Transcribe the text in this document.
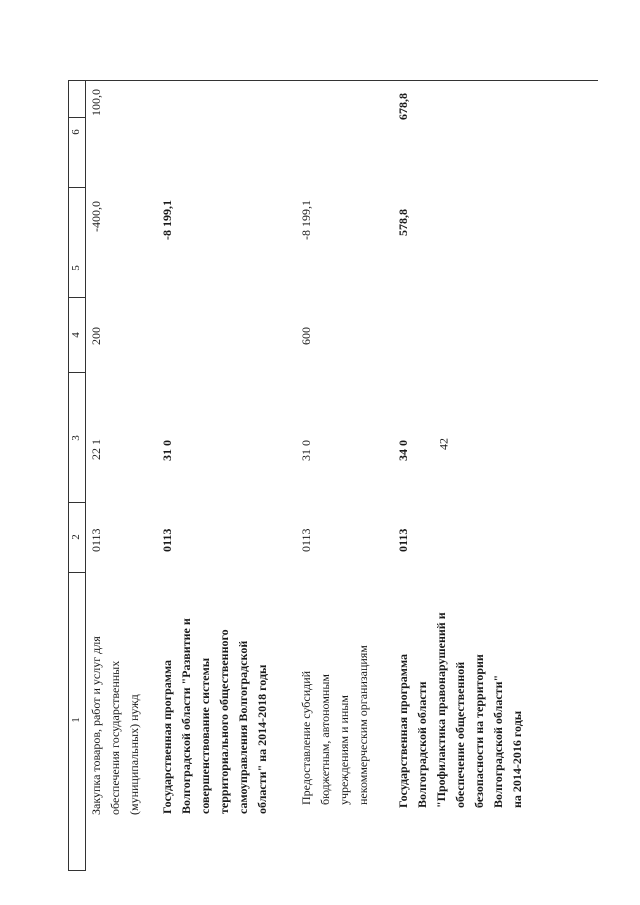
42
6
5
4
3
2
1 Закупка товаров, работ и услуг для обеспечения государственных (муниципальных) нужд
0113
22 1
200
-400,0
100,0
Государственная программа Волгоградской области "Развитие и совершенствование системы территориального общественного самоуправления Волгоградской области" на 2014-2018 годы
0113
31 0
-8 199,1
Предоставление субсидий бюджетным, автономным учреждениям и иным некоммерческим организациям
0113
31 0
600
-8 199,1
Государственная программа Волгоградской области "Профилактика правонарушений и обеспечение общественной безопасности на территории Волгоградской области" на 2014-2016 годы
0113
34 0
578,8
678,8
